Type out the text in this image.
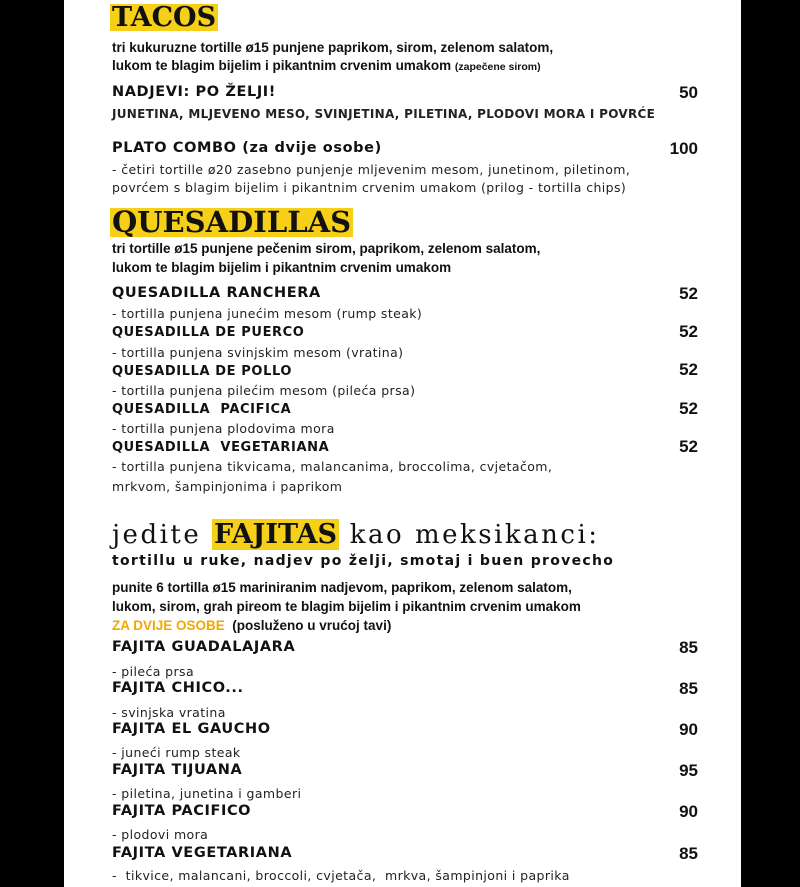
TACOS
tri kukuruzne tortille ø15 punjene paprikom, sirom, zelenom salatom,
lukom te blagim bijelim i pikantnim crvenim umakom (zapečene sirom)
NADJEVI: PO ŽELJI!	50
JUNETINA, MLJEVENO MESO, SVINJETINA, PILETINA, PLODOVI MORA I POVRĆE
PLATO COMBO (za dvije osobe)	100
- četiri tortille ø20 zasebno punjenje mljevenim mesom, junetinom, piletinom,
povrćem s blagim bijelim i pikantnim crvenim umakom (prilog - tortilla chips)
QUESADILLAS
tri tortille ø15 punjene pečenim sirom, paprikom, zelenom salatom,
lukom te blagim bijelim i pikantnim crvenim umakom
QUESADILLA RANCHERA	52
- tortilla punjena junećim mesom (rump steak)
QUESADILLA DE PUERCO	52
- tortilla punjena svinjskim mesom (vratina)
QUESADILLA DE POLLO	52
- tortilla punjena pilećim mesom (pileća prsa)
QUESADILLA  PACIFICA	52
- tortilla punjena plodovima mora
QUESADILLA  VEGETARIANA	52
- tortilla punjena tikvicama, malancanima, broccolima, cvjetačom,
mrkvom, šampinjonima i paprikom
jedite FAJITAS kao meksikanci:
tortillu u ruke, nadjev po želji, smotaj i buen provecho
punite 6 tortilla ø15 mariniranim nadjevom, paprikom, zelenom salatom,
lukom, sirom, grah pireom te blagim bijelim i pikantnim crvenim umakom
ZA DVIJE OSOBE (posluženo u vrućoj tavi)
FAJITA GUADALAJARA	85
- pileća prsa
FAJITA CHICO...	85
- svinjska vratina
FAJITA EL GAUCHO	90
- juneći rump steak
FAJITA TIJUANA	95
- piletina, junetina i gamberi
FAJITA PACIFICO	90
- plodovi mora
FAJITA VEGETARIANA	85
-  tikvice, malancani, broccoli, cvjetača,  mrkva, šampinjoni i paprika
